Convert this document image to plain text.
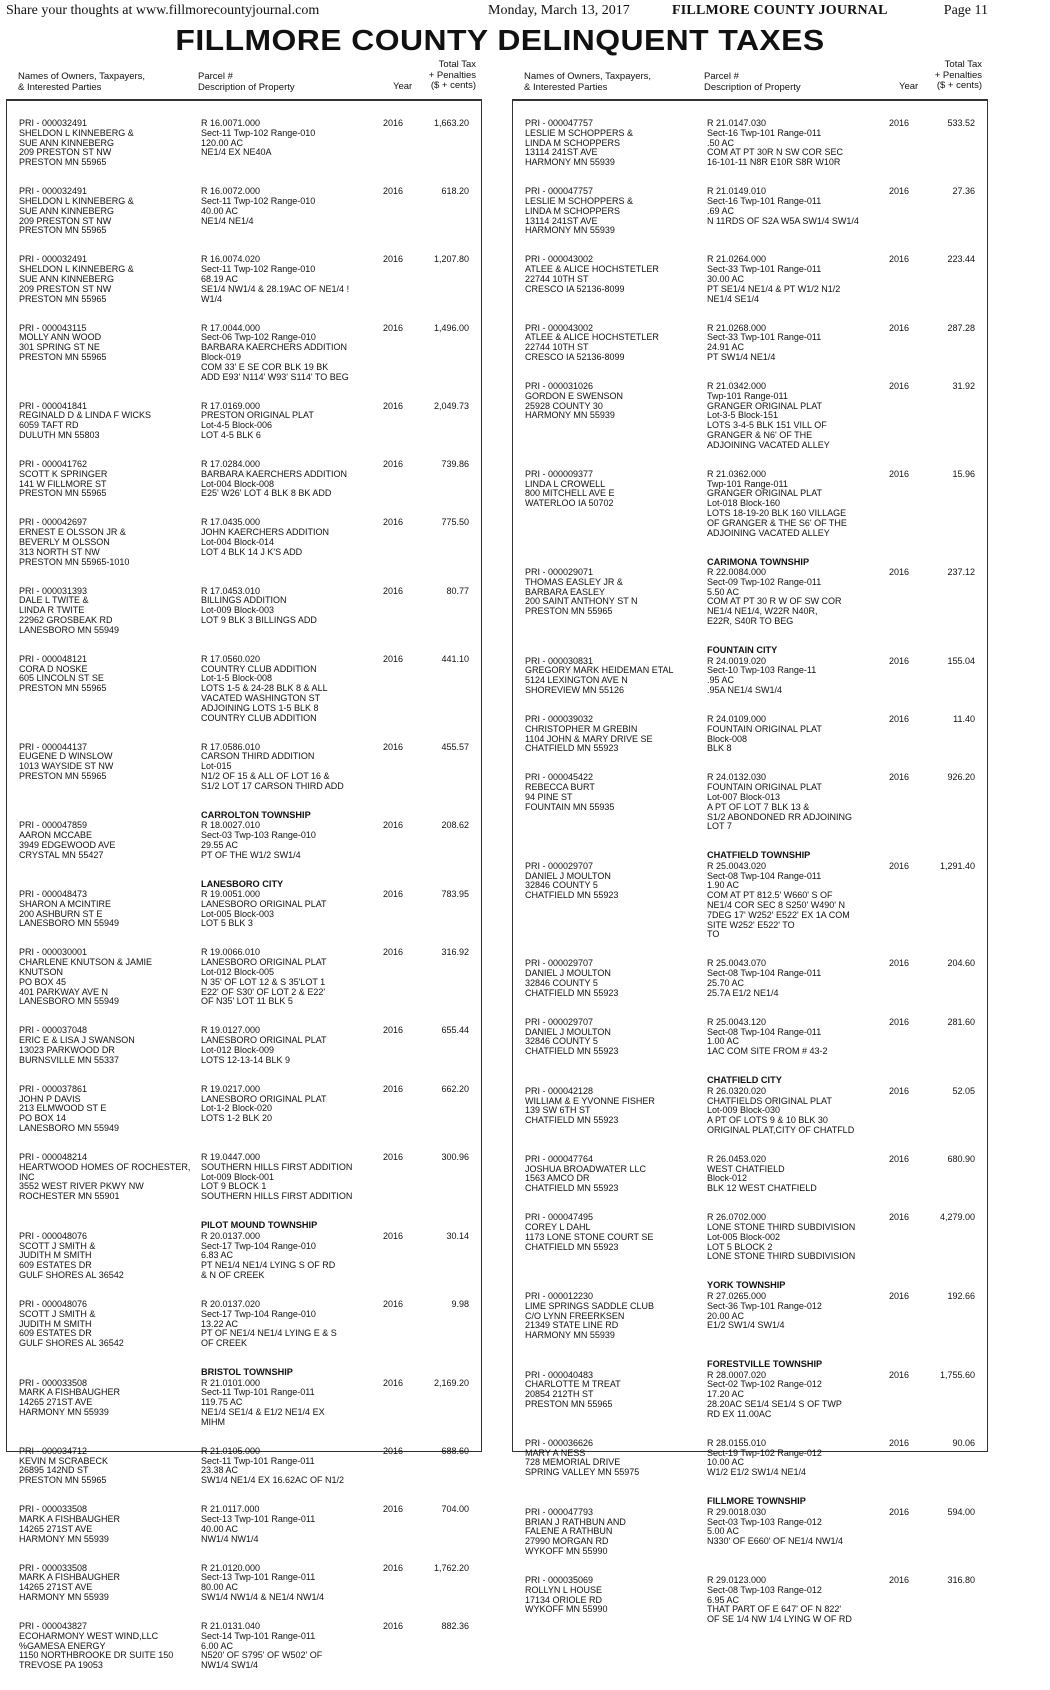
Share your thoughts at www.fillmorecountyjournal.com	Monday, March 13, 2017	FILLMORE COUNTY JOURNAL	Page 11
FILLMORE COUNTY DELINQUENT TAXES
Names of Owners, Taxpayers,
& Interested Parties
Parcel #
Description of Property	Year
Total Tax
+ Penalties
($ + cents)
PRI - 000032491
SHELDON L KINNEBERG &
SUE ANN KINNEBERG
209 PRESTON ST NW
PRESTON MN 55965
R 16.0071.000
Sect-11 Twp-102 Range-010
120.00 AC
NE1/4 EX NE40A
2016	1,663.20
PRI - 000032491
SHELDON L KINNEBERG &
SUE ANN KINNEBERG
209 PRESTON ST NW
PRESTON MN 55965
R 16.0072.000
Sect-11 Twp-102 Range-010
40.00 AC
NE1/4 NE1/4
2016	618.20
PRI - 000032491
SHELDON L KINNEBERG &
SUE ANN KINNEBERG
209 PRESTON ST NW
PRESTON MN 55965
R 16.0074.020
Sect-11 Twp-102 Range-010
68.19 AC
SE1/4 NW1/4 & 28.19AC OF NE1/4 !
W1/4
2016	1,207.80
PRI - 000043115
MOLLY ANN WOOD
301 SPRING ST NE
PRESTON MN 55965
R 17.0044.000
Sect-06 Twp-102 Range-010
BARBARA KAERCHERS ADDITION
Block-019
COM 33' E SE COR BLK 19 BK
ADD E93' N114' W93' S114' TO BEG
2016	1,496.00
PRI - 000041841
REGINALD D & LINDA F WICKS
6059 TAFT RD
DULUTH MN 55803
R 17.0169.000
PRESTON ORIGINAL PLAT
Lot-4-5 Block-006
LOT 4-5 BLK 6
2016	2,049.73
PRI - 000041762
SCOTT K SPRINGER
141 W FILLMORE ST
PRESTON MN 55965
R 17.0284.000
BARBARA KAERCHERS ADDITION
Lot-004 Block-008
E25' W26' LOT 4 BLK 8 BK ADD
2016	739.86
PRI - 000042697
ERNEST E OLSSON JR &
BEVERLY M OLSSON
313 NORTH ST NW
PRESTON MN 55965-1010
R 17.0435.000
JOHN KAERCHERS ADDITION
Lot-004 Block-014
LOT 4 BLK 14 J K'S ADD
2016	775.50
PRI - 000031393
DALE L TWITE &
LINDA R TWITE
22962 GROSBEAK RD
LANESBORO MN 55949
R 17.0453.010
BILLINGS ADDITION
Lot-009 Block-003
LOT 9 BLK 3 BILLINGS ADD
2016	80.77
PRI - 000048121
CORA D NOSKE
605 LINCOLN ST SE
PRESTON MN 55965
R 17.0560.020
COUNTRY CLUB ADDITION
Lot-1-5 Block-008
LOTS 1-5 & 24-28 BLK 8 & ALL
VACATED WASHINGTON ST
ADJOINING LOTS 1-5 BLK 8
COUNTRY CLUB ADDITION
2016	441.10
PRI - 000044137
EUGENE D WINSLOW
1013 WAYSIDE ST NW
PRESTON MN 55965
R 17.0586.010
CARSON THIRD ADDITION
Lot-015
N1/2 OF 15 & ALL OF LOT 16 &
S1/2 LOT 17 CARSON THIRD ADD
2016	455.57
CARROLTON TOWNSHIP
PRI - 000047859
AARON MCCABE
3949 EDGEWOOD AVE
CRYSTAL MN 55427
R 18.0027.010
Sect-03 Twp-103 Range-010
29.55 AC
PT OF THE W1/2 SW1/4
2016	208.62
LANESBORO CITY
PRI - 000048473
SHARON A MCINTIRE
200 ASHBURN ST E
LANESBORO MN 55949
R 19.0051.000
LANESBORO ORIGINAL PLAT
Lot-005 Block-003
LOT 5 BLK 3
2016	783.95
PRI - 000030001
CHARLENE KNUTSON & JAMIE
KNUTSON
PO BOX 45
401 PARKWAY AVE N
LANESBORO MN 55949
R 19.0066.010
LANESBORO ORIGINAL PLAT
Lot-012 Block-005
N 35' OF LOT 12 & S 35'LOT 1
E22' OF S30' OF LOT 2 & E22'
OF N35' LOT 11 BLK 5
2016	316.92
PRI - 000037048
ERIC E & LISA J SWANSON
13023 PARKWOOD DR
BURNSVILLE MN 55337
R 19.0127.000
LANESBORO ORIGINAL PLAT
Lot-012 Block-009
LOTS 12-13-14 BLK 9
2016	655.44
PRI - 000037861
JOHN P DAVIS
213 ELMWOOD ST E
PO BOX 14
LANESBORO MN 55949
R 19.0217.000
LANESBORO ORIGINAL PLAT
Lot-1-2 Block-020
LOTS 1-2 BLK 20
2016	662.20
PRI - 000048214
HEARTWOOD HOMES OF ROCHESTER,
INC
3552 WEST RIVER PKWY NW
ROCHESTER MN 55901
R 19.0447.000
SOUTHERN HILLS FIRST ADDITION
Lot-009 Block-001
LOT 9 BLOCK 1
SOUTHERN HILLS FIRST ADDITION
2016	300.96
PILOT MOUND TOWNSHIP
PRI - 000048076
SCOTT J SMITH &
JUDITH M SMITH
609 ESTATES DR
GULF SHORES AL 36542
R 20.0137.000
Sect-17 Twp-104 Range-010
6.83 AC
PT NE1/4 NE1/4 LYING S OF RD
& N OF CREEK
2016	30.14
PRI - 000048076
SCOTT J SMITH &
JUDITH M SMITH
609 ESTATES DR
GULF SHORES AL 36542
R 20.0137.020
Sect-17 Twp-104 Range-010
13.22 AC
PT OF NE1/4 NE1/4 LYING E & S
OF CREEK
2016	9.98
BRISTOL TOWNSHIP
PRI - 000033508
MARK A FISHBAUGHER
14265 271ST AVE
HARMONY MN 55939
R 21.0101.000
Sect-11 Twp-101 Range-011
119.75 AC
NE1/4 SE1/4 & E1/2 NE1/4 EX
MIHM
2016	2,169.20
PRI - 000034712
KEVIN M SCRABECK
26895 142ND ST
PRESTON MN 55965
R 21.0105.000
Sect-11 Twp-101 Range-011
23.38 AC
SW1/4 NE1/4 EX 16.62AC OF N1/2
2016	688.60
PRI - 000033508
MARK A FISHBAUGHER
14265 271ST AVE
HARMONY MN 55939
R 21.0117.000
Sect-13 Twp-101 Range-011
40.00 AC
NW1/4 NW1/4
2016	704.00
PRI - 000033508
MARK A FISHBAUGHER
14265 271ST AVE
HARMONY MN 55939
R 21.0120.000
Sect-13 Twp-101 Range-011
80.00 AC
SW1/4 NW1/4 & NE1/4 NW1/4
2016	1,762.20
PRI - 000043827
ECOHARMONY WEST WIND,LLC
%GAMESA ENERGY
1150 NORTHBROOKE DR SUITE 150
TREVOSE PA 19053
R 21.0131.040
Sect-14 Twp-101 Range-011
6.00 AC
N520' OF S795' OF W502' OF
NW1/4 SW1/4
2016	882.36
Names of Owners, Taxpayers,
& Interested Parties
Parcel #
Description of Property	Year
Total Tax
+ Penalties
($ + cents)
PRI - 000047757
LESLIE M SCHOPPERS &
LINDA M SCHOPPERS
13114 241ST AVE
HARMONY MN 55939
R 21.0147.030
Sect-16 Twp-101 Range-011
.50 AC
COM AT PT 30R N SW COR SEC
16-101-11 N8R E10R S8R W10R
2016	533.52
PRI - 000047757
LESLIE M SCHOPPERS &
LINDA M SCHOPPERS
13114 241ST AVE
HARMONY MN 55939
R 21.0149.010
Sect-16 Twp-101 Range-011
.69 AC
N 11RDS OF S2A W5A SW1/4 SW1/4
2016	27.36
PRI - 000043002
ATLEE & ALICE HOCHSTETLER
22744 10TH ST
CRESCO IA 52136-8099
R 21.0264.000
Sect-33 Twp-101 Range-011
30.00 AC
PT SE1/4 NE1/4 & PT W1/2 N1/2
NE1/4 SE1/4
2016	223.44
PRI - 000043002
ATLEE & ALICE HOCHSTETLER
22744 10TH ST
CRESCO IA 52136-8099
R 21.0268.000
Sect-33 Twp-101 Range-011
24.91 AC
PT SW1/4 NE1/4
2016	287.28
PRI - 000031026
GORDON E SWENSON
25928 COUNTY 30
HARMONY MN 55939
R 21.0342.000
Twp-101 Range-011
GRANGER ORIGINAL PLAT
Lot-3-5 Block-151
LOTS 3-4-5 BLK 151 VILL OF
GRANGER & N6' OF THE
ADJOINING VACATED ALLEY
2016	31.92
PRI - 000009377
LINDA L CROWELL
800 MITCHELL AVE E
WATERLOO IA 50702
R 21.0362.000
Twp-101 Range-011
GRANGER ORIGINAL PLAT
Lot-018 Block-160
LOTS 18-19-20 BLK 160 VILLAGE
OF GRANGER & THE S6' OF THE
ADJOINING VACATED ALLEY
2016	15.96
CARIMONA TOWNSHIP
PRI - 000029071
THOMAS EASLEY JR &
BARBARA EASLEY
200 SAINT ANTHONY ST N
PRESTON MN 55965
R 22.0084.000
Sect-09 Twp-102 Range-011
5.50 AC
COM AT PT 30 R W OF SW COR
NE1/4 NE1/4, W22R N40R,
E22R, S40R TO BEG
2016	237.12
FOUNTAIN CITY
PRI - 000030831
GREGORY MARK HEIDEMAN ETAL
5124 LEXINGTON AVE N
SHOREVIEW MN 55126
R 24.0019.020
Sect-10 Twp-103 Range-11
.95 AC
.95A NE1/4 SW1/4
2016	155.04
PRI - 000039032
CHRISTOPHER M GREBIN
1104 JOHN & MARY DRIVE SE
CHATFIELD MN 55923
R 24.0109.000
FOUNTAIN ORIGINAL PLAT
Block-008
BLK 8
2016	11.40
PRI - 000045422
REBECCA BURT
94 PINE ST
FOUNTAIN MN 55935
R 24.0132.030
FOUNTAIN ORIGINAL PLAT
Lot-007 Block-013
A PT OF LOT 7 BLK 13 &
S1/2 ABONDONED RR ADJOINING
LOT 7
2016	926.20
CHATFIELD TOWNSHIP
PRI - 000029707
DANIEL J MOULTON
32846 COUNTY 5
CHATFIELD MN 55923
R 25.0043.020
Sect-08 Twp-104 Range-011
1.90 AC
COM AT PT 812.5' W660' S OF
NE1/4 COR SEC 8 S250' W490' N
7DEG 17' W252' E522' EX 1A COM
SITE W252' E522' TO
TO
2016	1,291.40
PRI - 000029707
DANIEL J MOULTON
32846 COUNTY 5
CHATFIELD MN 55923
R 25.0043.070
Sect-08 Twp-104 Range-011
25.70 AC
25.7A E1/2 NE1/4
2016	204.60
PRI - 000029707
DANIEL J MOULTON
32846 COUNTY 5
CHATFIELD MN 55923
R 25.0043.120
Sect-08 Twp-104 Range-011
1.00 AC
1AC COM SITE FROM # 43-2
2016	281.60
CHATFIELD CITY
PRI - 000042128
WILLIAM & E YVONNE FISHER
139 SW 6TH ST
CHATFIELD MN 55923
R 26.0320.020
CHATFIELDS ORIGINAL PLAT
Lot-009 Block-030
A PT OF LOTS 9 & 10 BLK 30
ORIGINAL PLAT,CITY OF CHATFLD
2016	52.05
PRI - 000047764
JOSHUA BROADWATER LLC
1563 AMCO DR
CHATFIELD MN 55923
R 26.0453.020
WEST CHATFIELD
Block-012
BLK 12 WEST CHATFIELD
2016	680.90
PRI - 000047495
COREY L DAHL
1173 LONE STONE COURT SE
CHATFIELD MN 55923
R 26.0702.000
LONE STONE THIRD SUBDIVISION
Lot-005 Block-002
LOT 5 BLOCK 2
LONE STONE THIRD SUBDIVISION
2016	4,279.00
YORK TOWNSHIP
PRI - 000012230
LIME SPRINGS SADDLE CLUB
C/O LYNN FREERKSEN
21349 STATE LINE RD
HARMONY MN 55939
R 27.0265.000
Sect-36 Twp-101 Range-012
20.00 AC
E1/2 SW1/4 SW1/4
2016	192.66
FORESTVILLE TOWNSHIP
PRI - 000040483
CHARLOTTE M TREAT
20854 212TH ST
PRESTON MN 55965
R 28.0007.020
Sect-02 Twp-102 Range-012
17.20 AC
28.20AC SE1/4 SE1/4 S OF TWP
RD EX 11.00AC
2016	1,755.60
PRI - 000036626
MARY A NESS
728 MEMORIAL DRIVE
SPRING VALLEY MN 55975
R 28.0155.010
Sect-19 Twp-102 Range-012
10.00 AC
W1/2 E1/2 SW1/4 NE1/4
2016	90.06
FILLMORE TOWNSHIP
PRI - 000047793
BRIAN J RATHBUN AND
FALENE A RATHBUN
27990 MORGAN RD
WYKOFF MN 55990
R 29.0018.030
Sect-03 Twp-103 Range-012
5.00 AC
N330' OF E660' OF NE1/4 NW1/4
2016	594.00
PRI - 000035069
ROLLYN L HOUSE
17134 ORIOLE RD
WYKOFF MN 55990
R 29.0123.000
Sect-08 Twp-103 Range-012
6.95 AC
THAT PART OF E 647' OF N 822'
OF SE 1/4 NW 1/4 LYING W OF RD
2016	316.80
